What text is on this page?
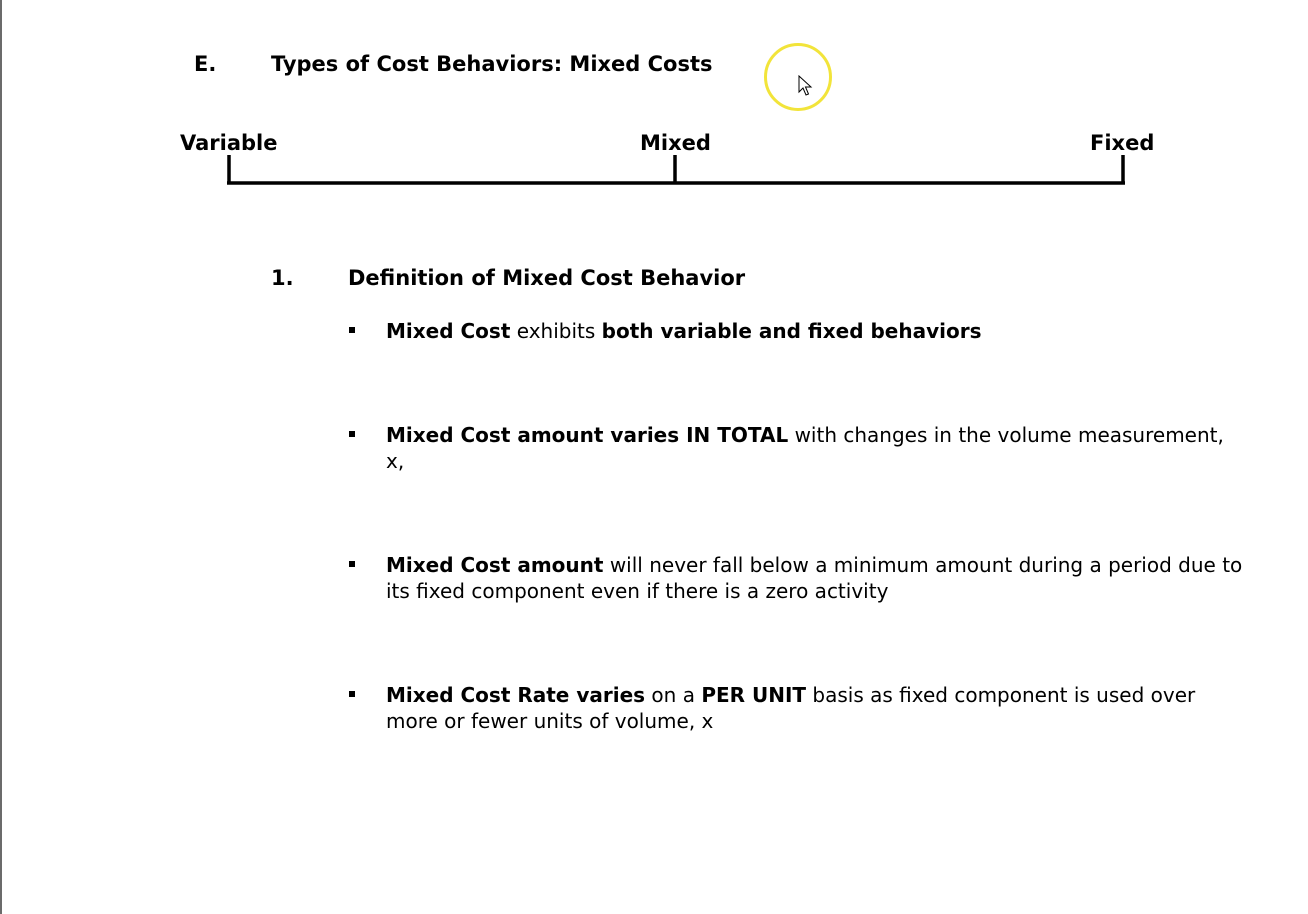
E.	Types of Cost Behaviors: Mixed Costs
Variable	Mixed	Fixed
1.	Definition of Mixed Cost Behavior
Mixed Cost exhibits both variable and fixed behaviors
Mixed Cost amount varies IN TOTAL with changes in the volume measurement, x,
Mixed Cost amount will never fall below a minimum amount during a period due to its fixed component even if there is a zero activity
Mixed Cost Rate varies on a PER UNIT basis as fixed component is used over more or fewer units of volume, x
